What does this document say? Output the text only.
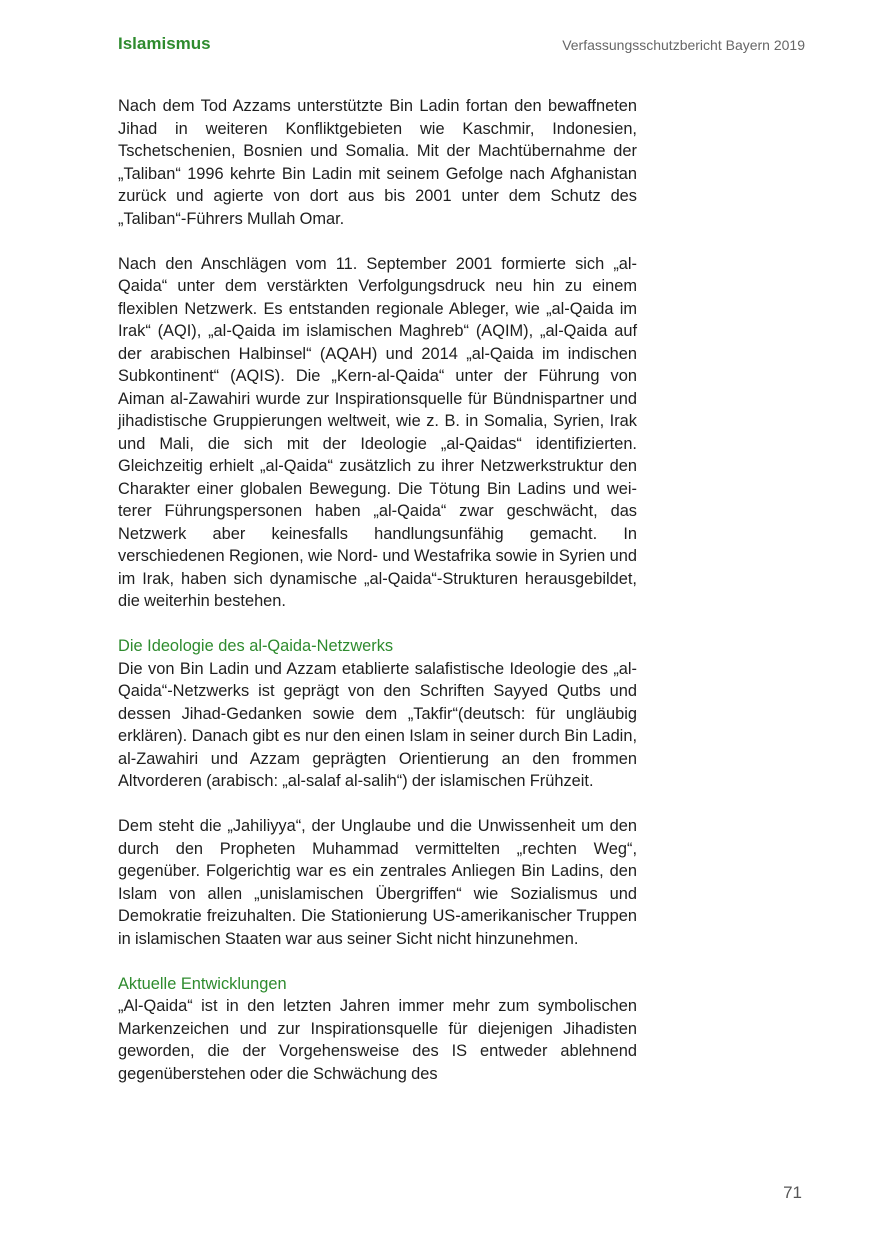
Islamismus	Verfassungsschutzbericht Bayern 2019

Nach dem Tod Azzams unterstützte Bin Ladin fortan den bewaffneten Jihad in weiteren Konfliktgebieten wie Kaschmir, Indonesien, Tschetschenien, Bosnien und Somalia. Mit der Machtübernahme der „Taliban“ 1996 kehrte Bin Ladin mit seinem Gefolge nach Afghanistan zurück und agierte von dort aus bis 2001 unter dem Schutz des „Taliban“-Führers Mullah Omar.

Nach den Anschlägen vom 11. September 2001 formierte sich „al-Qaida“ unter dem verstärkten Verfolgungsdruck neu hin zu einem flexiblen Netzwerk. Es entstanden regionale Ableger, wie „al-Qaida im Irak“ (AQI), „al-Qaida im islamischen Maghreb“ (AQIM), „al-Qaida auf der arabischen Halbinsel“ (AQAH) und 2014 „al-Qaida im indischen Subkontinent“ (AQIS). Die „Kern-al-Qaida“ unter der Führung von Aiman al-Zawahiri wurde zur Inspirationsquelle für Bündnispartner und jihadistische Gruppierungen weltweit, wie z. B. in Somalia, Syrien, Irak und Mali, die sich mit der Ideologie „al-Qaidas“ identifizierten. Gleichzeitig erhielt „al-Qaida“ zusätzlich zu ihrer Netzwerkstruktur den Charakter einer globalen Bewegung. Die Tötung Bin Ladins und weiterer Führungspersonen haben „al-Qaida“ zwar geschwächt, das Netzwerk aber keinesfalls handlungsunfähig gemacht. In verschiedenen Regionen, wie Nord- und Westafrika sowie in Syrien und im Irak, haben sich dynamische „al-Qaida“-Strukturen herausgebildet, die weiterhin bestehen.

Die Ideologie des al-Qaida-Netzwerks

Die von Bin Ladin und Azzam etablierte salafistische Ideologie des „al-Qaida“-Netzwerks ist geprägt von den Schriften Sayyed Qutbs und dessen Jihad-Gedanken sowie dem „Takfir“(deutsch: für ungläubig erklären). Danach gibt es nur den einen Islam in seiner durch Bin Ladin, al-Zawahiri und Azzam geprägten Orientierung an den frommen Altvorderen (arabisch: „al-salaf al-salih“) der islamischen Frühzeit.

Dem steht die „Jahiliyya“, der Unglaube und die Unwissenheit um den durch den Propheten Muhammad vermittelten „rechten Weg“, gegenüber. Folgerichtig war es ein zentrales Anliegen Bin Ladins, den Islam von allen „unislamischen Übergriffen“ wie Sozialismus und Demokratie freizuhalten. Die Stationierung US-amerikanischer Truppen in islamischen Staaten war aus seiner Sicht nicht hinzunehmen.

Aktuelle Entwicklungen

„Al-Qaida“ ist in den letzten Jahren immer mehr zum symbolischen Markenzeichen und zur Inspirationsquelle für diejenigen Jihadisten geworden, die der Vorgehensweise des IS entweder ablehnend gegenüberstehen oder die Schwächung des

71
